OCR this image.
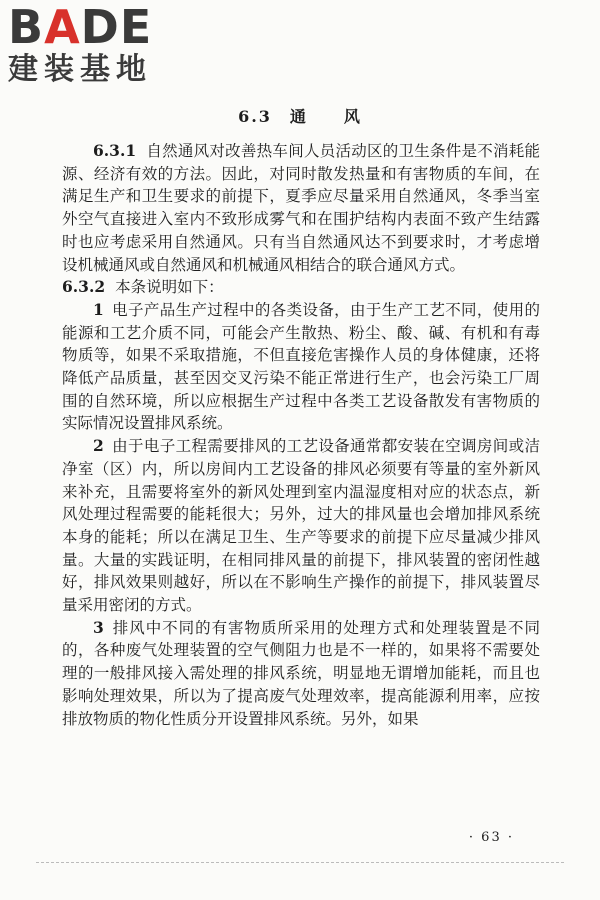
BADE
建装基地
6.3　通　　风

6.3.1 自然通风对改善热车间人员活动区的卫生条件是不消耗能源、经济有效的方法。因此，对同时散发热量和有害物质的车间，在满足生产和卫生要求的前提下，夏季应尽量采用自然通风，冬季当室外空气直接进入室内不致形成雾气和在围护结构内表面不致产生结露时也应考虑采用自然通风。只有当自然通风达不到要求时，才考虑增设机械通风或自然通风和机械通风相结合的联合通风方式。

6.3.2 本条说明如下：

1 电子产品生产过程中的各类设备，由于生产工艺不同，使用的能源和工艺介质不同，可能会产生散热、粉尘、酸、碱、有机和有毒物质等，如果不采取措施，不但直接危害操作人员的身体健康，还将降低产品质量，甚至因交叉污染不能正常进行生产，也会污染工厂周围的自然环境，所以应根据生产过程中各类工艺设备散发有害物质的实际情况设置排风系统。

2 由于电子工程需要排风的工艺设备通常都安装在空调房间或洁净室（区）内，所以房间内工艺设备的排风必须要有等量的室外新风来补充，且需要将室外的新风处理到室内温湿度相对应的状态点，新风处理过程需要的能耗很大；另外，过大的排风量也会增加排风系统本身的能耗；所以在满足卫生、生产等要求的前提下应尽量减少排风量。大量的实践证明，在相同排风量的前提下，排风装置的密闭性越好，排风效果则越好，所以在不影响生产操作的前提下，排风装置尽量采用密闭的方式。

3 排风中不同的有害物质所采用的处理方式和处理装置是不同的，各种废气处理装置的空气侧阻力也是不一样的，如果将不需要处理的一般排风接入需处理的排风系统，明显地无谓增加能耗，而且也影响处理效果，所以为了提高废气处理效率，提高能源利用率，应按排放物质的物化性质分开设置排风系统。另外，如果

· 63 ·
